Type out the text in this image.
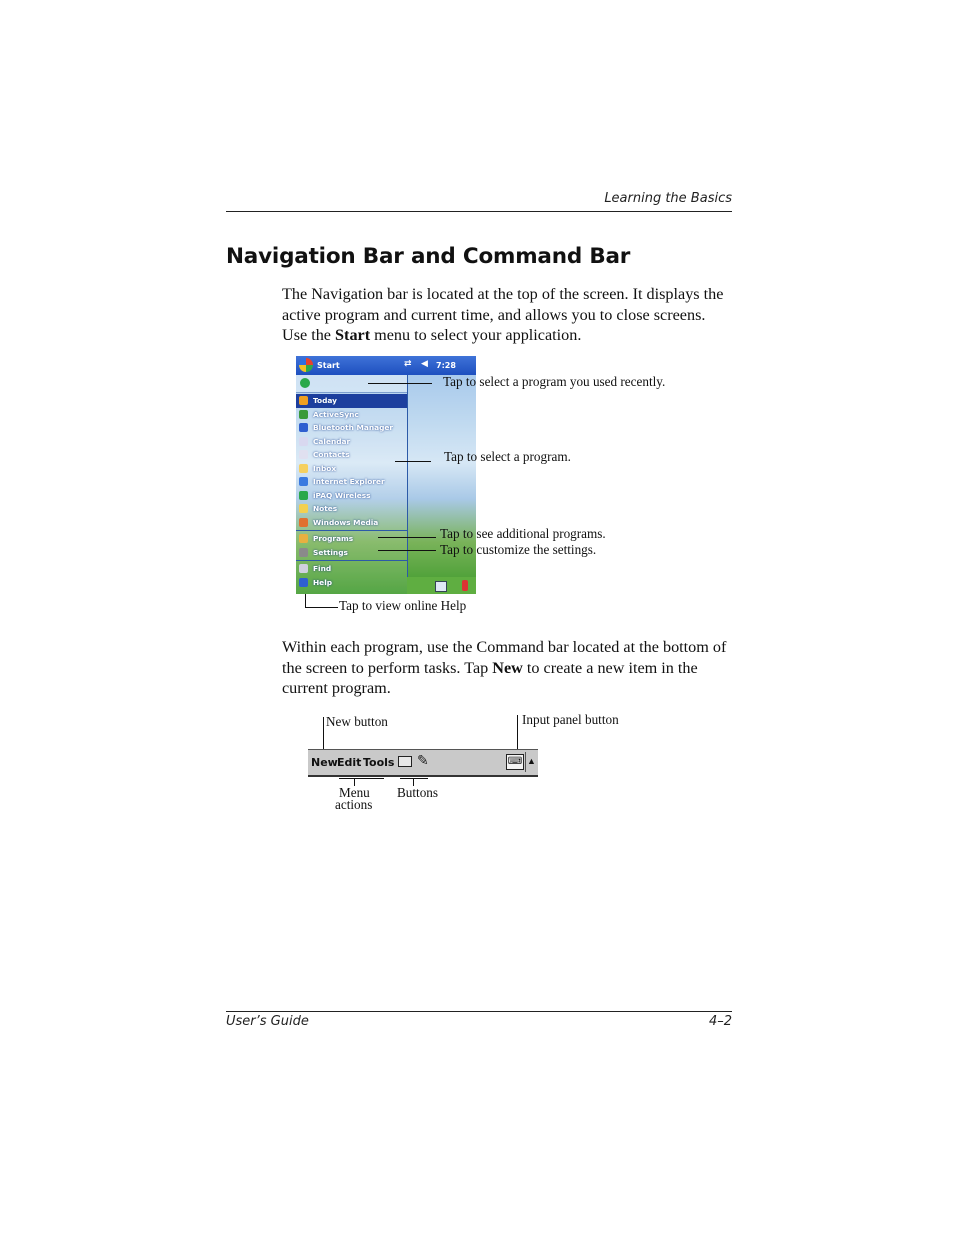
Learning the Basics
Navigation Bar and Command Bar
The Navigation bar is located at the top of the screen. It displays the active program and current time, and allows you to close screens. Use the Start menu to select your application.
Start	⇄ ◀ 7:28
Today
ActiveSync
Bluetooth Manager
Calendar
Contacts
Inbox
Internet Explorer
iPAQ Wireless
Notes
Windows Media
Programs
Settings
Find
Help
Tap to select a program you used recently.
Tap to select a program.
Tap to see additional programs.
Tap to customize the settings.
Tap to view online Help
Within each program, use the Command bar located at the bottom of the screen to perform tasks. Tap New to create a new item in the current program.
New button	Input panel button
New Edit Tools ✎	⌨ ▲
Menu
actions
Buttons
User’s Guide	4–2
